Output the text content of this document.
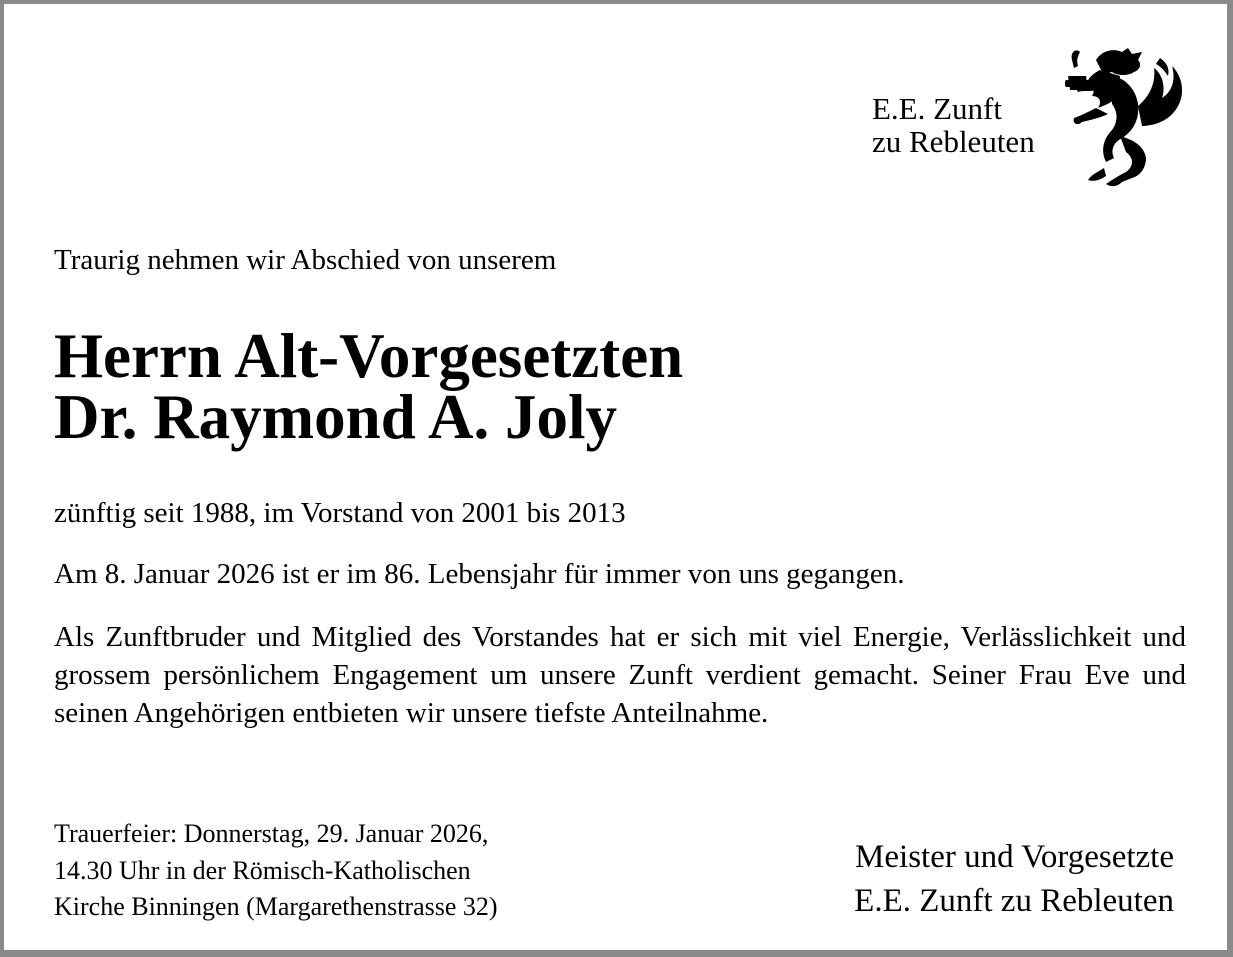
E.E. Zunft
zu Rebleuten
Traurig nehmen wir Abschied von unserem
Herrn Alt-Vorgesetzten
Dr. Raymond A. Joly
zünftig seit 1988, im Vorstand von 2001 bis 2013
Am 8. Januar 2026 ist er im 86. Lebensjahr für immer von uns gegangen.
Als Zunftbruder und Mitglied des Vorstandes hat er sich mit viel Energie, Verlässlichkeit und grossem persönlichem Engagement um unsere Zunft verdient gemacht. Seiner Frau Eve und seinen Angehörigen entbieten wir unsere tiefste Anteilnahme.
Trauerfeier: Donnerstag, 29. Januar 2026,
14.30 Uhr in der Römisch-Katholischen
Kirche Binningen (Margarethenstrasse 32)
Meister und Vorgesetzte
E.E. Zunft zu Rebleuten
